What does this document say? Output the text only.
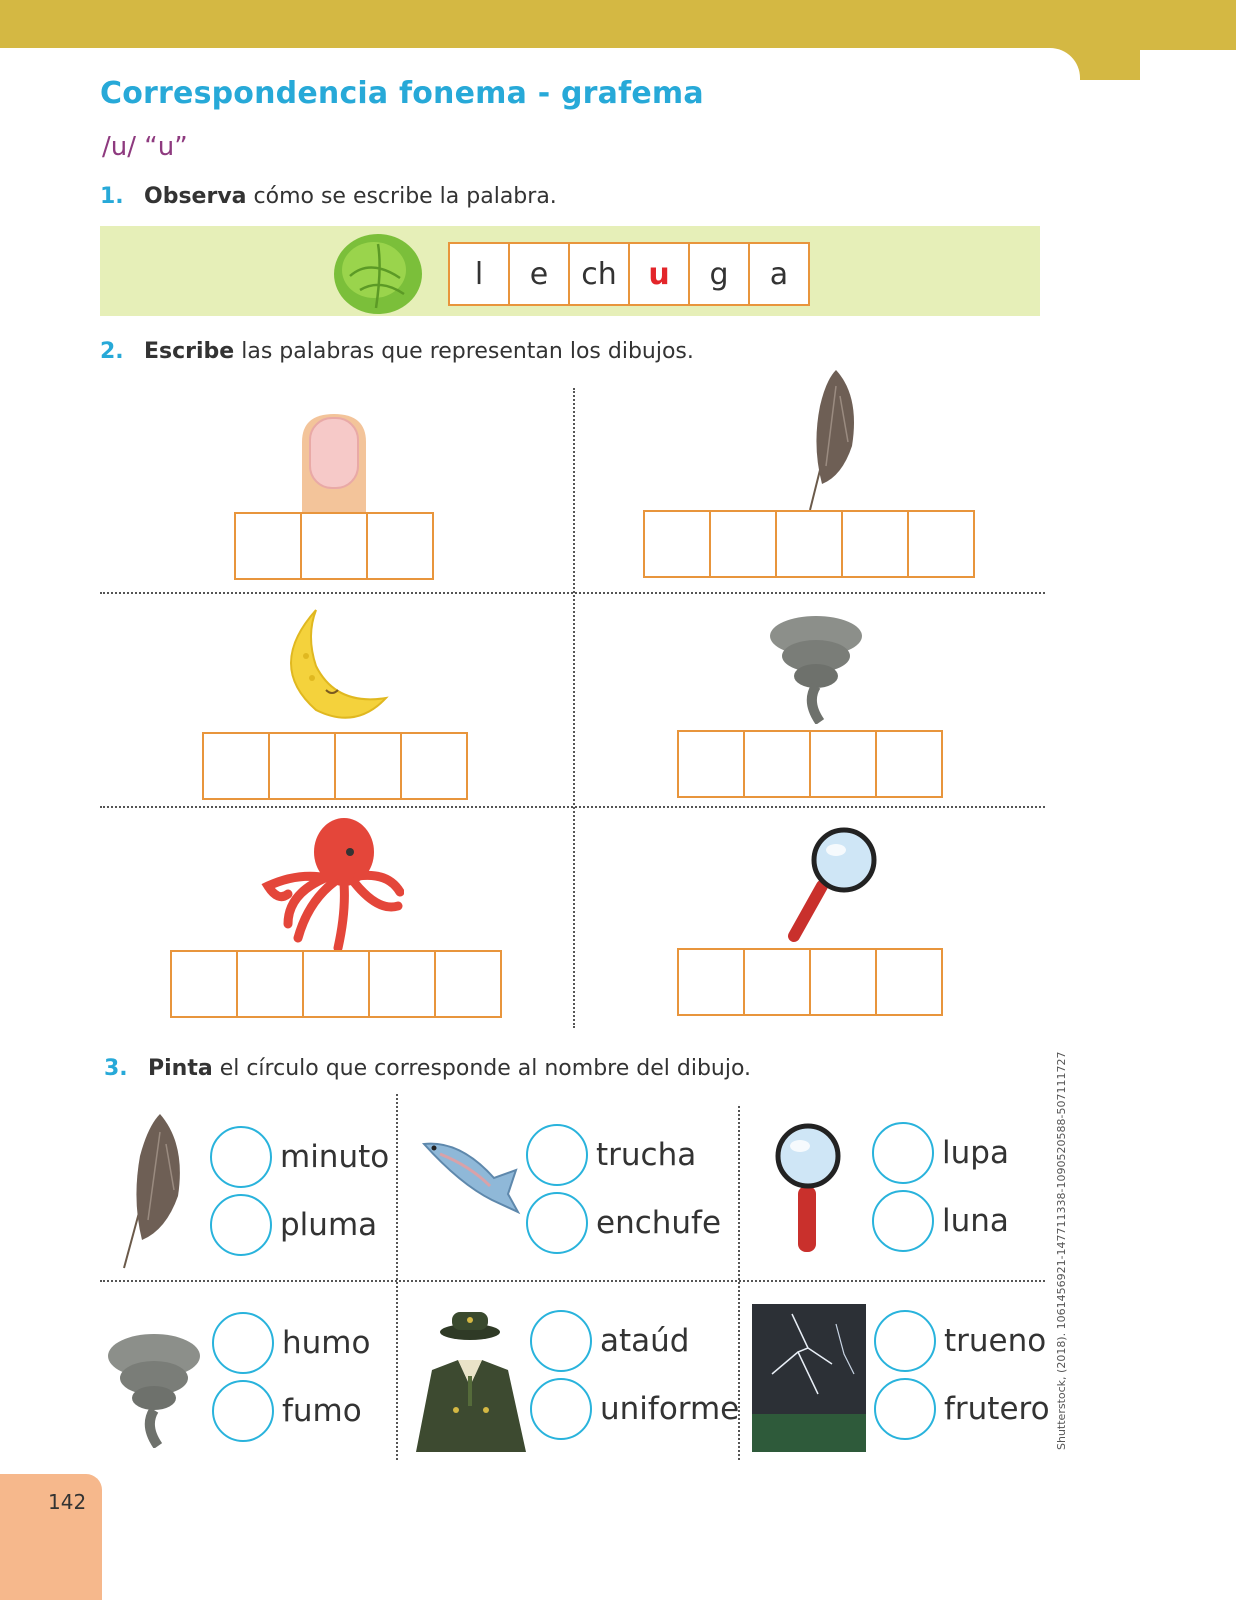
Correspondencia fonema - grafema
/u/ “u”
1. Observa cómo se escribe la palabra.
l	e	ch	u	g	a
2. Escribe las palabras que representan los dibujos.
3. Pinta el círculo que corresponde al nombre del dibujo.
minuto
pluma
trucha
enchufe
lupa
luna
humo
fumo
ataúd
uniforme
trueno
frutero Shutterstock, (2018). 1061456921-147711338-1090520588-507111727
142
